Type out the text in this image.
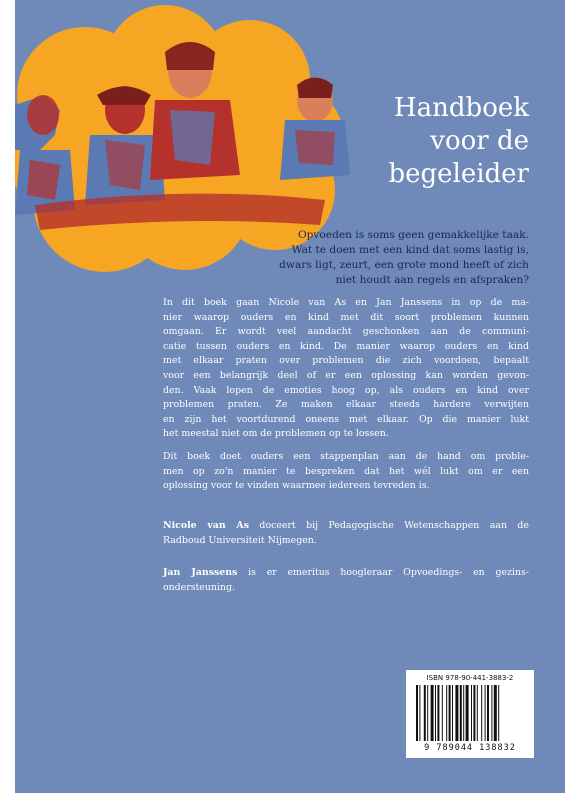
Handboek
voor de
begeleider
Opvoeden is soms geen gemakkelijke taak.
Wat te doen met een kind dat soms lastig is,
dwars ligt, zeurt, een grote mond heeft of zich
niet houdt aan regels en afspraken?
In dit boek gaan Nicole van As en Jan Janssens in op de ma-
nier waarop ouders en kind met dit soort problemen kunnen
omgaan. Er wordt veel aandacht geschonken aan de communi-
catie tussen ouders en kind. De manier waarop ouders en kind
met elkaar praten over problemen die zich voordoen, bepaalt
voor een belangrijk deel of er een oplossing kan worden gevon-
den. Vaak lopen de emoties hoog op, als ouders en kind over
problemen praten. Ze maken elkaar steeds hardere verwijten
en zijn het voortdurend oneens met elkaar. Op die manier lukt
het meestal niet om de problemen op te lossen.
Dit boek doet ouders een stappenplan aan de hand om proble-
men op zo'n manier te bespreken dat het wél lukt om er een
oplossing voor te vinden waarmee iedereen tevreden is.
Nicole van As doceert bij Pedagogische Wetenschappen aan de
Radboud Universiteit Nijmegen.
Jan Janssens is er emeritus hoogleraar Opvoedings- en gezins-
ondersteuning.
ISBN 978-90-441-3883-2
9 789044 138832
